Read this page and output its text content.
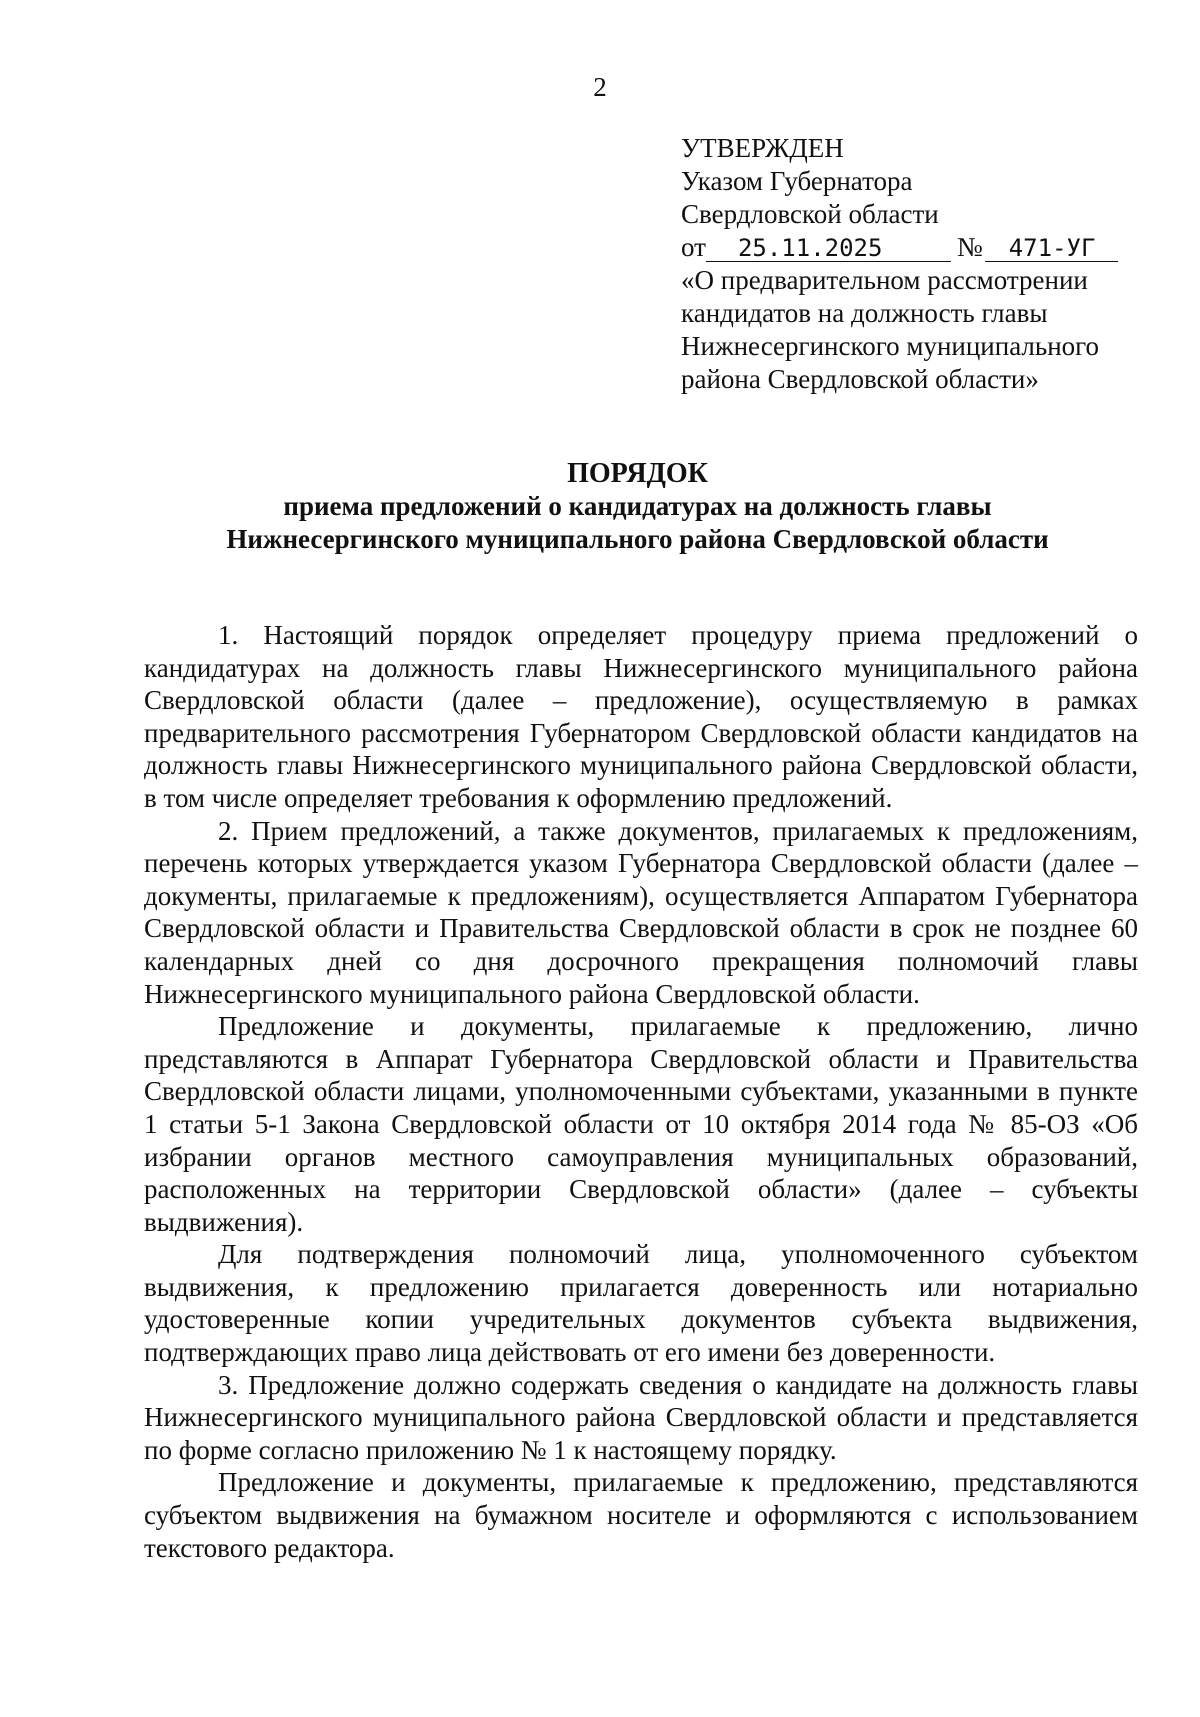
2
УТВЕРЖДЕН
Указом Губернатора
Свердловской области
от 25.11.2025	№ 471-УГ
«О предварительном рассмотрении
кандидатов на должность главы
Нижнесергинского муниципального
района Свердловской области»
ПОРЯДОК
приема предложений о кандидатурах на должность главы
Нижнесергинского муниципального района Свердловской области

1. Настоящий порядок определяет процедуру приема предложений о кандидатурах на должность главы Нижнесергинского муниципального района Свердловской области (далее – предложение), осуществляемую в рамках предварительного рассмотрения Губернатором Свердловской области кандидатов на должность главы Нижнесергинского муниципального района Свердловской области, в том числе определяет требования к оформлению предложений.

2. Прием предложений, а также документов, прилагаемых к предложениям, перечень которых утверждается указом Губернатора Свердловской области (далее – документы, прилагаемые к предложениям), осуществляется Аппаратом Губернатора Свердловской области и Правительства Свердловской области в срок не позднее 60 календарных дней со дня досрочного прекращения полномочий главы Нижнесергинского муниципального района Свердловской области.

Предложение и документы, прилагаемые к предложению, лично представляются в Аппарат Губернатора Свердловской области и Правительства Свердловской области лицами, уполномоченными субъектами, указанными в пункте 1 статьи 5-1 Закона Свердловской области от 10 октября 2014 года № 85-ОЗ «Об избрании органов местного самоуправления муниципальных образований, расположенных на территории Свердловской области» (далее – субъекты выдвижения).

Для подтверждения полномочий лица, уполномоченного субъектом выдвижения, к предложению прилагается доверенность или нотариально удостоверенные копии учредительных документов субъекта выдвижения, подтверждающих право лица действовать от его имени без доверенности.

3. Предложение должно содержать сведения о кандидате на должность главы Нижнесергинского муниципального района Свердловской области и представляется по форме согласно приложению № 1 к настоящему порядку.

Предложение и документы, прилагаемые к предложению, представляются субъектом выдвижения на бумажном носителе и оформляются с использованием текстового редактора.
